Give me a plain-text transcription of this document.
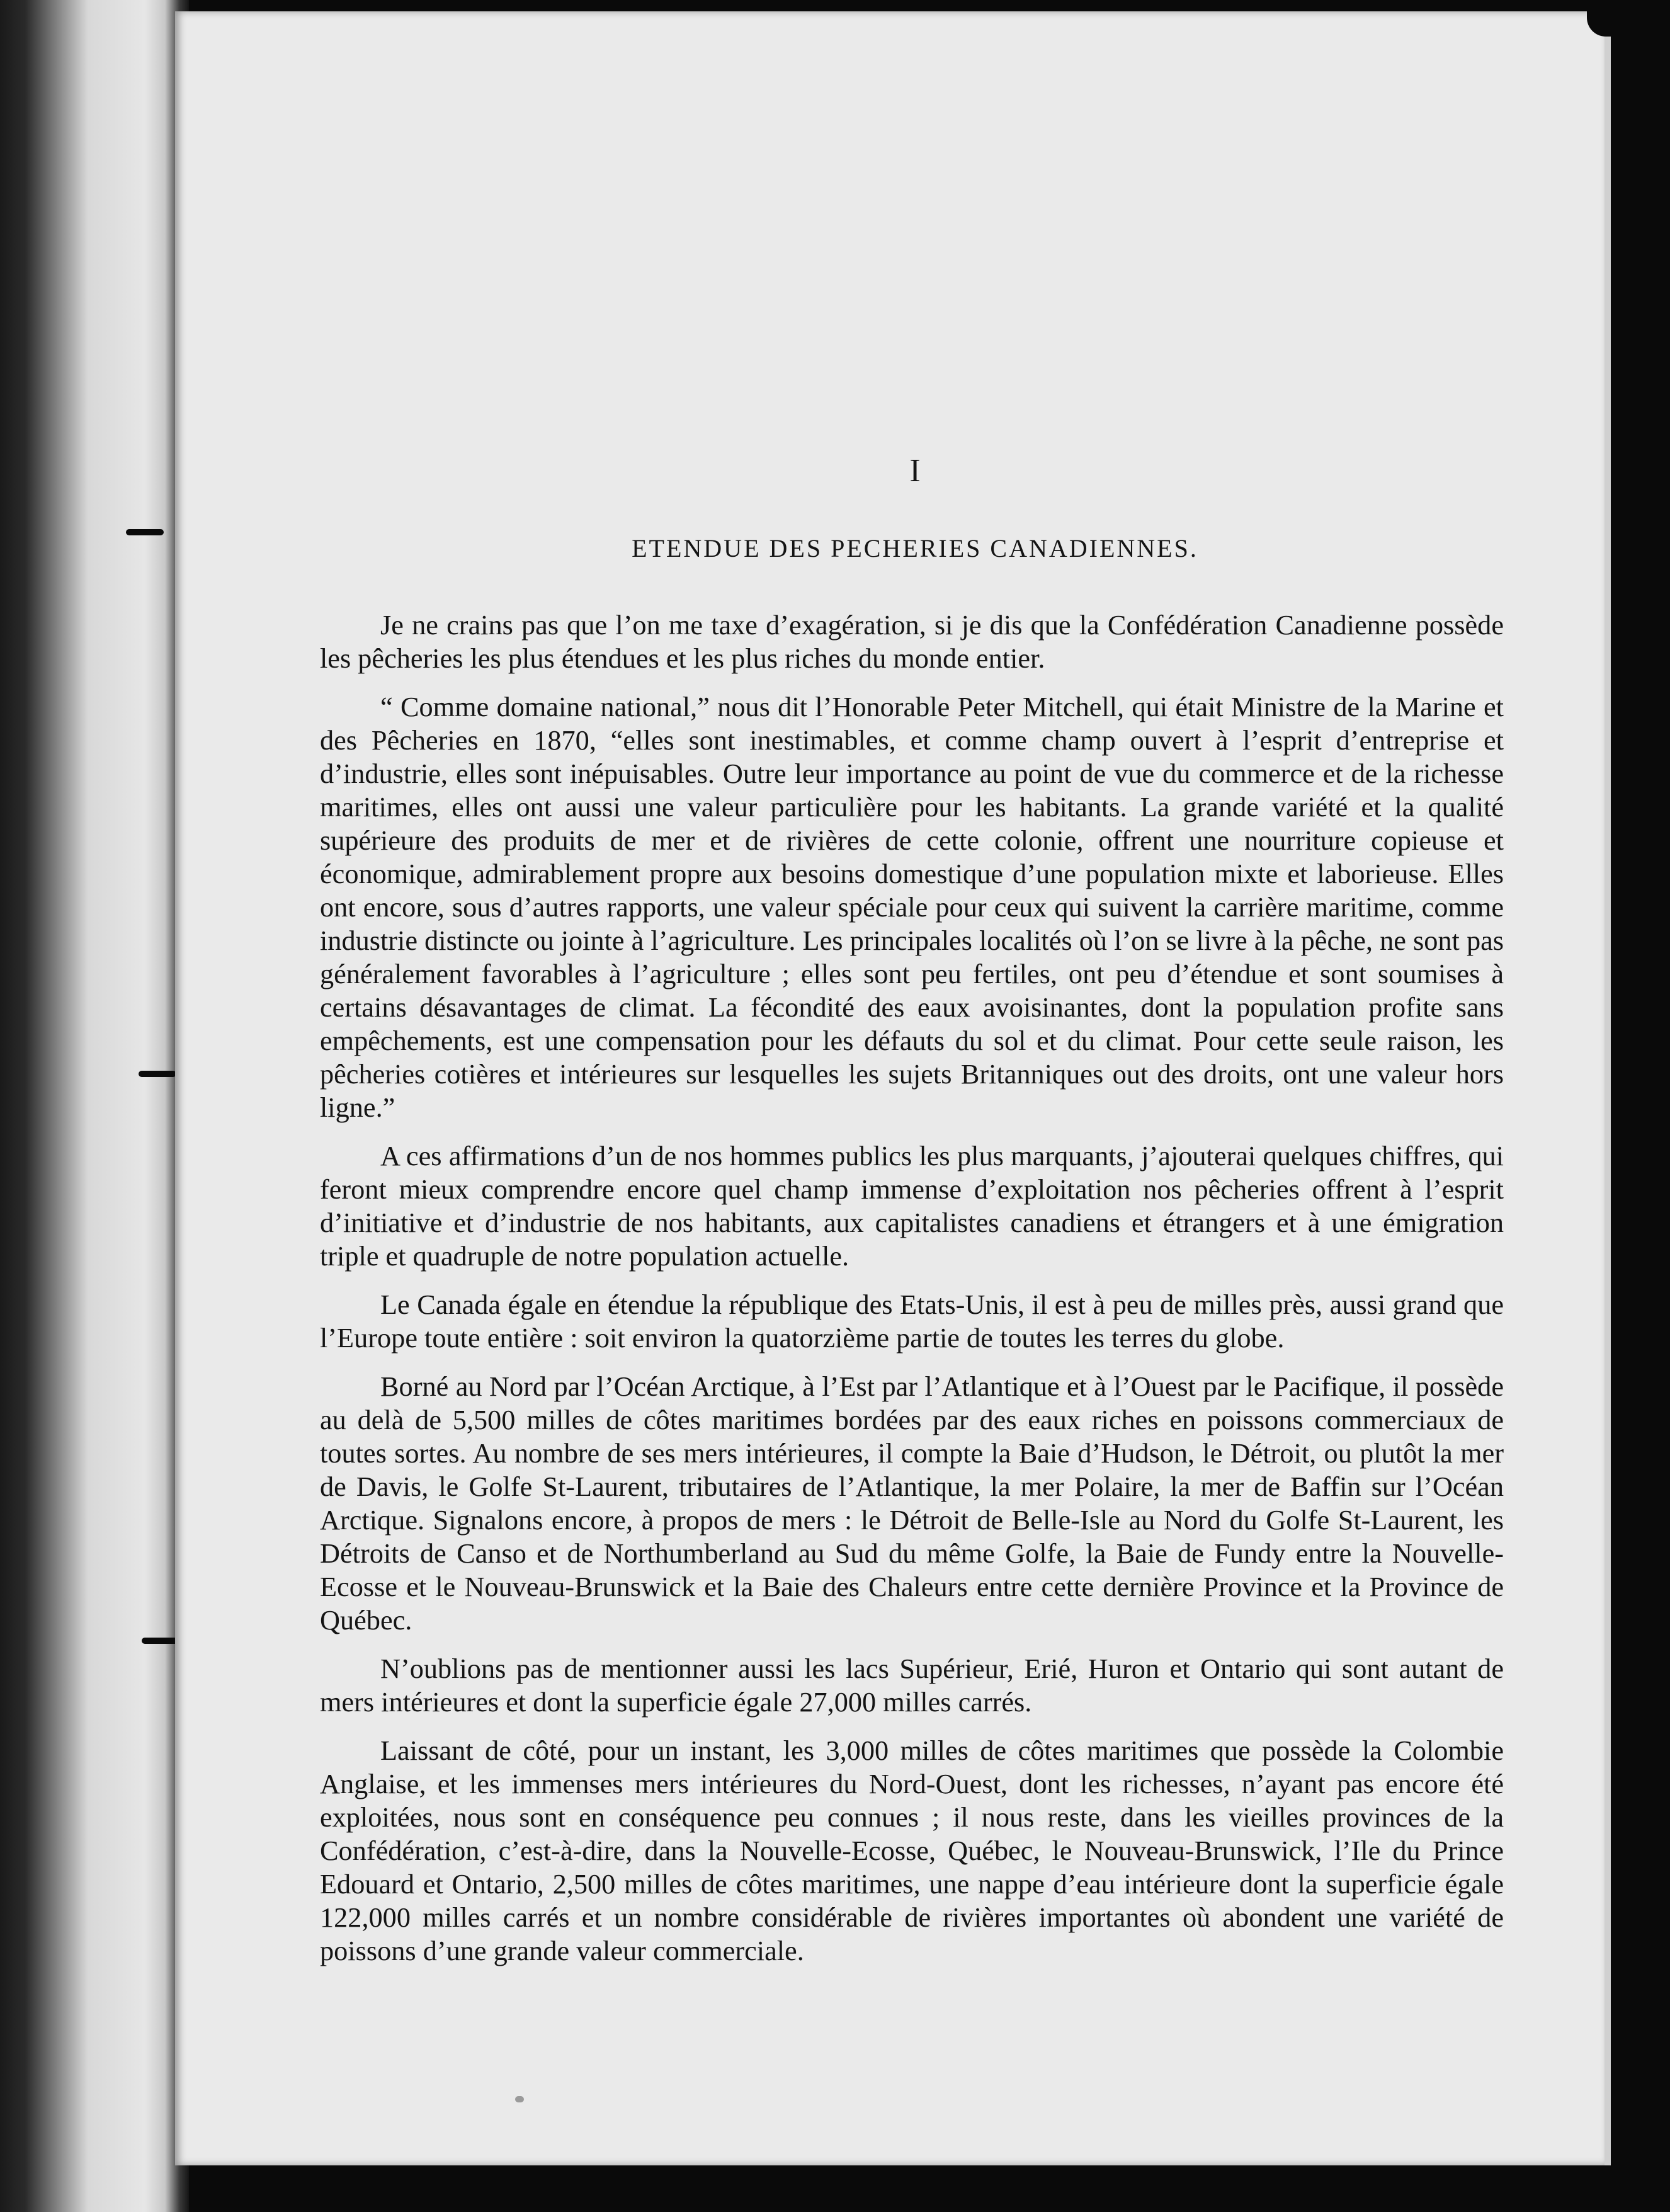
I
ETENDUE DES PECHERIES CANADIENNES.

Je ne crains pas que l’on me taxe d’exagération, si je dis que la Confédération Canadienne possède les pêcheries les plus étendues et les plus riches du monde entier.

“ Comme domaine national,” nous dit l’Honorable Peter Mitchell, qui était Ministre de la Marine et des Pêcheries en 1870, “elles sont inestimables, et comme champ ouvert à l’esprit d’entreprise et d’industrie, elles sont inépuisables. Outre leur importance au point de vue du commerce et de la richesse maritimes, elles ont aussi une valeur particulière pour les habitants. La grande variété et la qualité supérieure des produits de mer et de rivières de cette colonie, offrent une nourriture copieuse et économique, admirablement propre aux besoins domestique d’une population mixte et laborieuse. Elles ont encore, sous d’autres rapports, une valeur spéciale pour ceux qui suivent la carrière maritime, comme industrie distincte ou jointe à l’agriculture. Les principales localités où l’on se livre à la pêche, ne sont pas généralement favorables à l’agriculture ; elles sont peu fertiles, ont peu d’étendue et sont soumises à certains désavantages de climat. La fécondité des eaux avoisinantes, dont la population profite sans empêchements, est une compensation pour les défauts du sol et du climat. Pour cette seule raison, les pêcheries cotières et intérieures sur lesquelles les sujets Britanniques out des droits, ont une valeur hors ligne.”

A ces affirmations d’un de nos hommes publics les plus marquants, j’ajouterai quelques chiffres, qui feront mieux comprendre encore quel champ immense d’exploitation nos pêcheries offrent à l’esprit d’initiative et d’industrie de nos habitants, aux capitalistes canadiens et étrangers et à une émigration triple et quadruple de notre population actuelle.

Le Canada égale en étendue la république des Etats-Unis, il est à peu de milles près, aussi grand que l’Europe toute entière : soit environ la quatorzième partie de toutes les terres du globe.

Borné au Nord par l’Océan Arctique, à l’Est par l’Atlantique et à l’Ouest par le Pacifique, il possède au delà de 5,500 milles de côtes maritimes bordées par des eaux riches en poissons commerciaux de toutes sortes. Au nombre de ses mers intérieures, il compte la Baie d’Hudson, le Détroit, ou plutôt la mer de Davis, le Golfe St-Laurent, tributaires de l’Atlantique, la mer Polaire, la mer de Baffin sur l’Océan Arctique. Signalons encore, à propos de mers : le Détroit de Belle-Isle au Nord du Golfe St-Laurent, les Détroits de Canso et de Northumberland au Sud du même Golfe, la Baie de Fundy entre la Nouvelle-Ecosse et le Nouveau-Brunswick et la Baie des Chaleurs entre cette dernière Province et la Province de Québec.

N’oublions pas de mentionner aussi les lacs Supérieur, Erié, Huron et Ontario qui sont autant de mers intérieures et dont la superficie égale 27,000 milles carrés.

Laissant de côté, pour un instant, les 3,000 milles de côtes maritimes que possède la Colombie Anglaise, et les immenses mers intérieures du Nord-Ouest, dont les richesses, n’ayant pas encore été exploitées, nous sont en conséquence peu connues ; il nous reste, dans les vieilles provinces de la Confédération, c’est-à-dire, dans la Nouvelle-Ecosse, Québec, le Nouveau-Brunswick, l’Ile du Prince Edouard et Ontario, 2,500 milles de côtes maritimes, une nappe d’eau intérieure dont la superficie égale 122,000 milles carrés et un nombre considérable de rivières importantes où abondent une variété de poissons d’une grande valeur commerciale.
